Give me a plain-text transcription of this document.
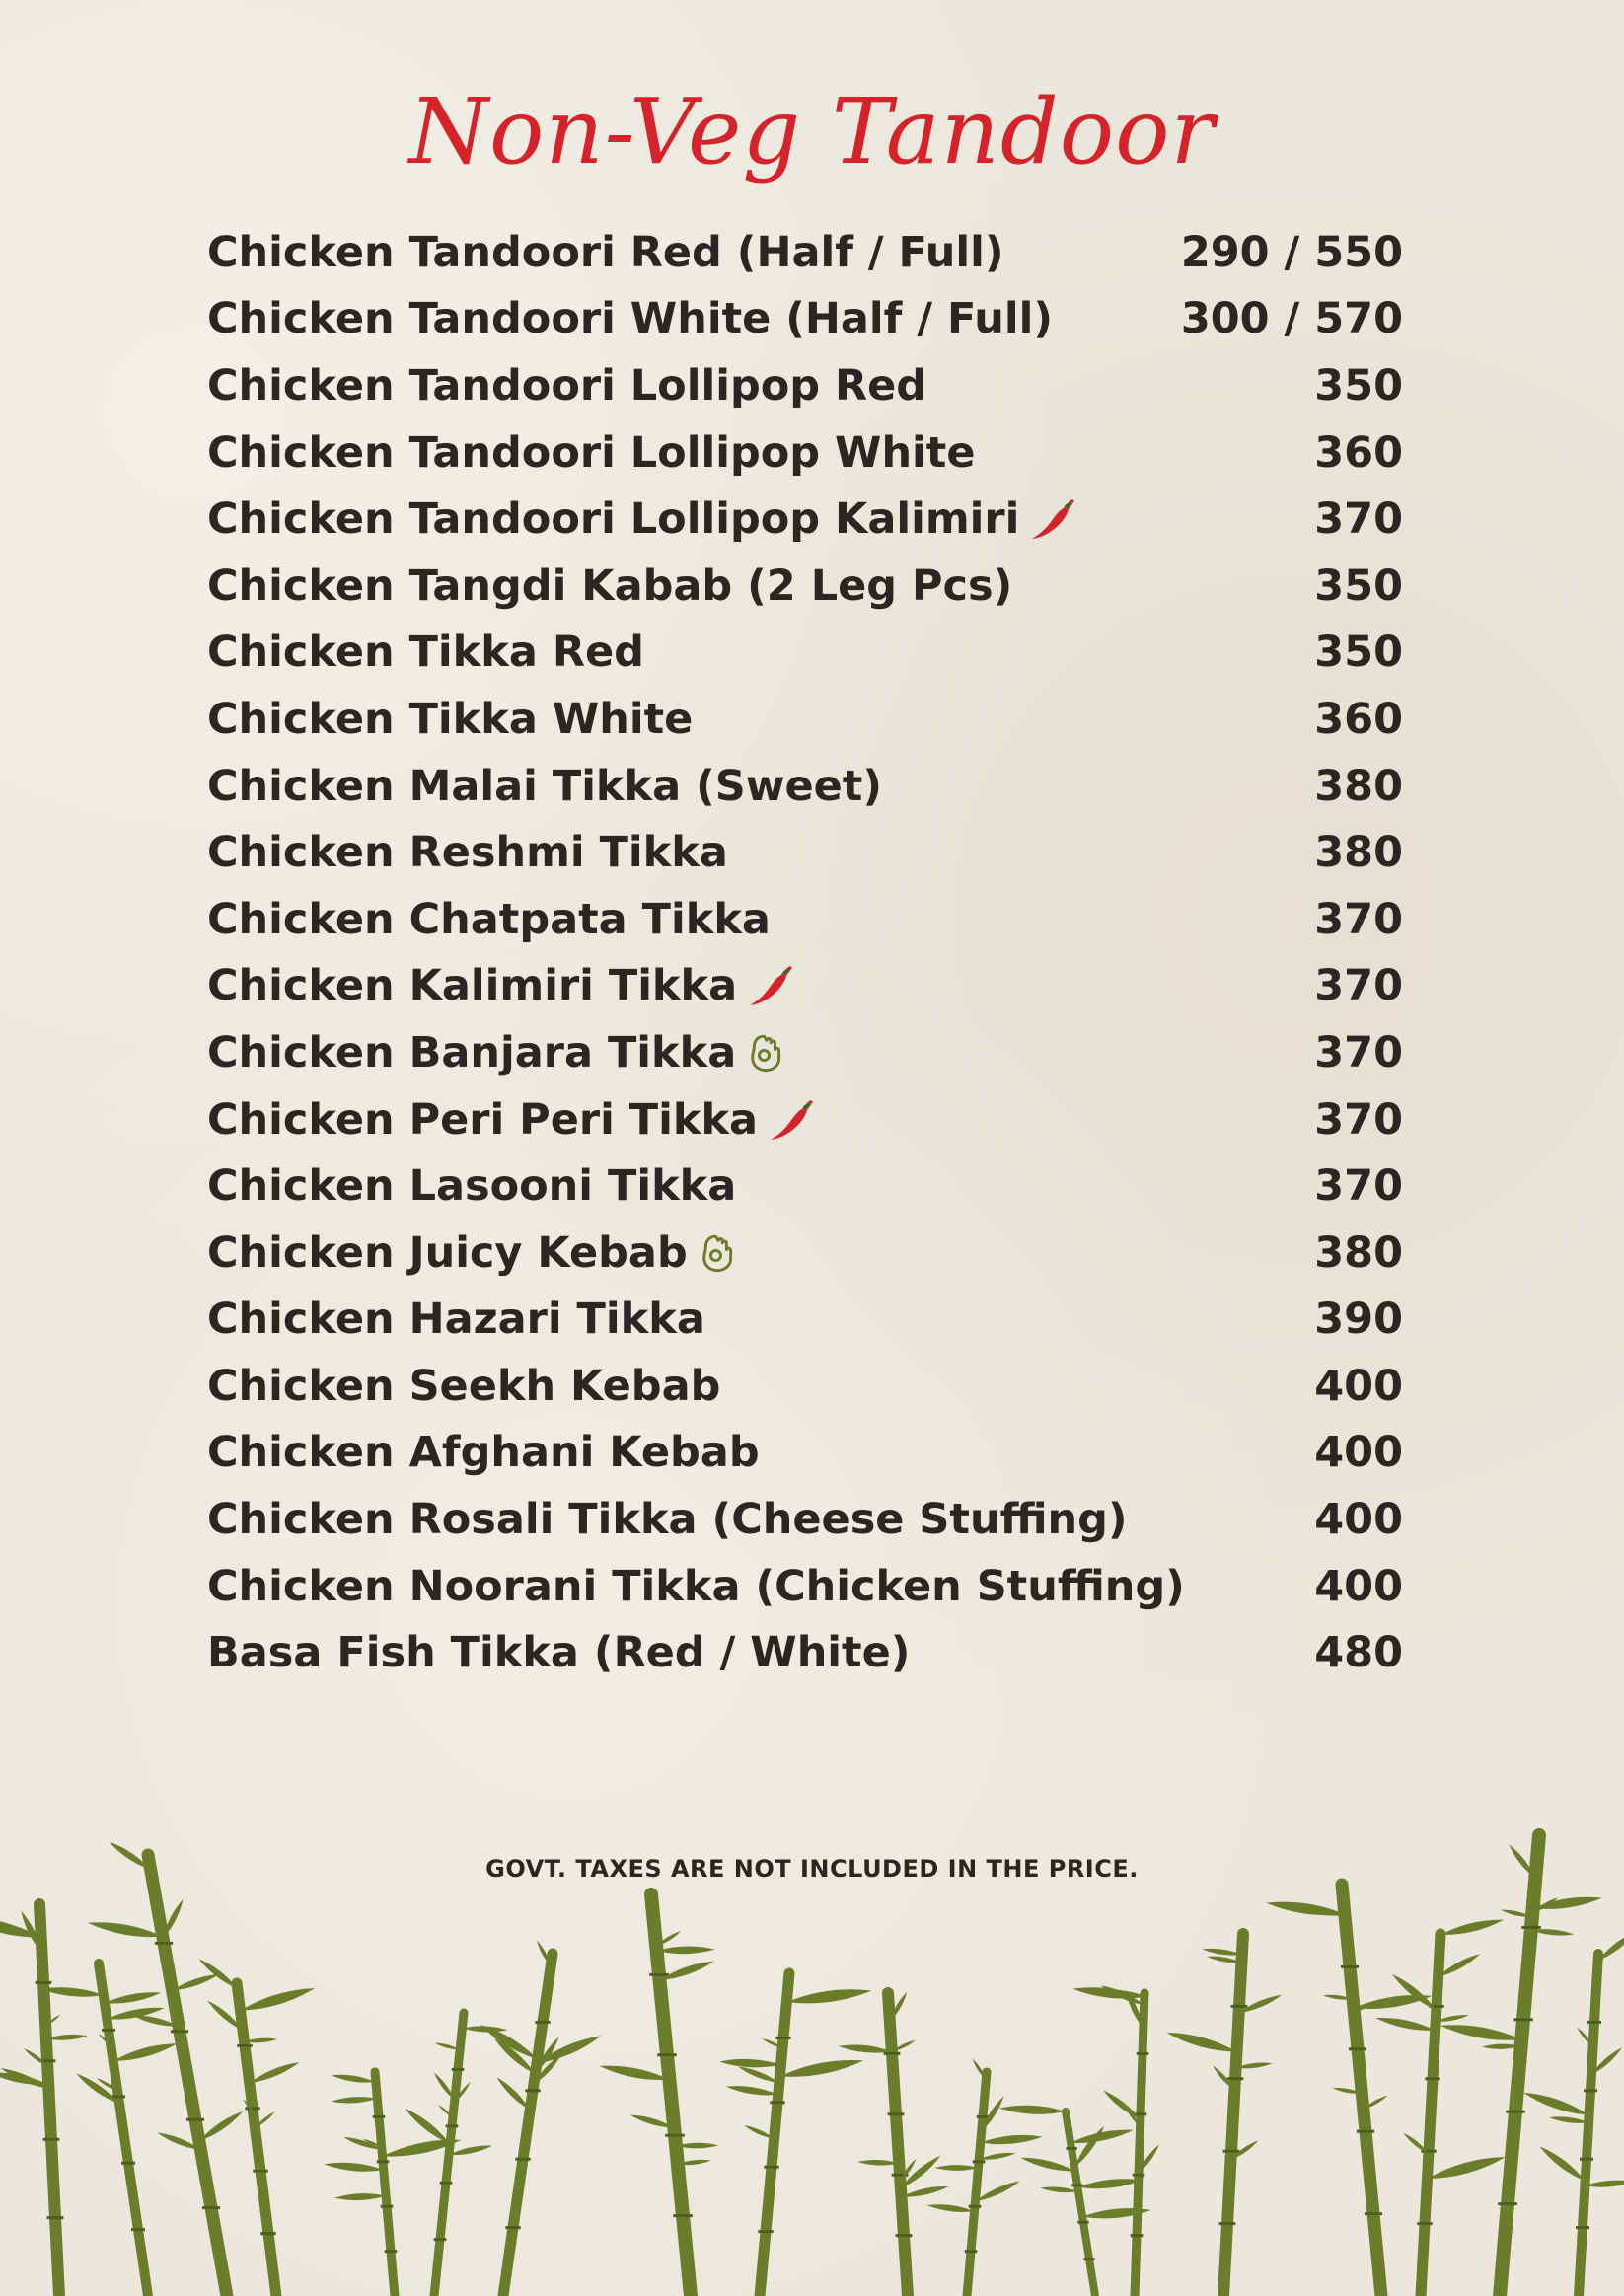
Non-Veg Tandoor
Chicken Tandoori Red (Half / Full)	290 / 550
Chicken Tandoori White (Half / Full)	300 / 570
Chicken Tandoori Lollipop Red	350
Chicken Tandoori Lollipop White	360
Chicken Tandoori Lollipop Kalimiri	370
Chicken Tangdi Kabab (2 Leg Pcs)	350
Chicken Tikka Red	350
Chicken Tikka White	360
Chicken Malai Tikka (Sweet)	380
Chicken Reshmi Tikka	380
Chicken Chatpata Tikka	370
Chicken Kalimiri Tikka	370
Chicken Banjara Tikka	370
Chicken Peri Peri Tikka	370
Chicken Lasooni Tikka	370
Chicken Juicy Kebab	380
Chicken Hazari Tikka	390
Chicken Seekh Kebab	400
Chicken Afghani Kebab	400
Chicken Rosali Tikka (Cheese Stuffing)	400
Chicken Noorani Tikka (Chicken Stuffing)	400
Basa Fish Tikka (Red / White)	480
GOVT. TAXES ARE NOT INCLUDED IN THE PRICE.
